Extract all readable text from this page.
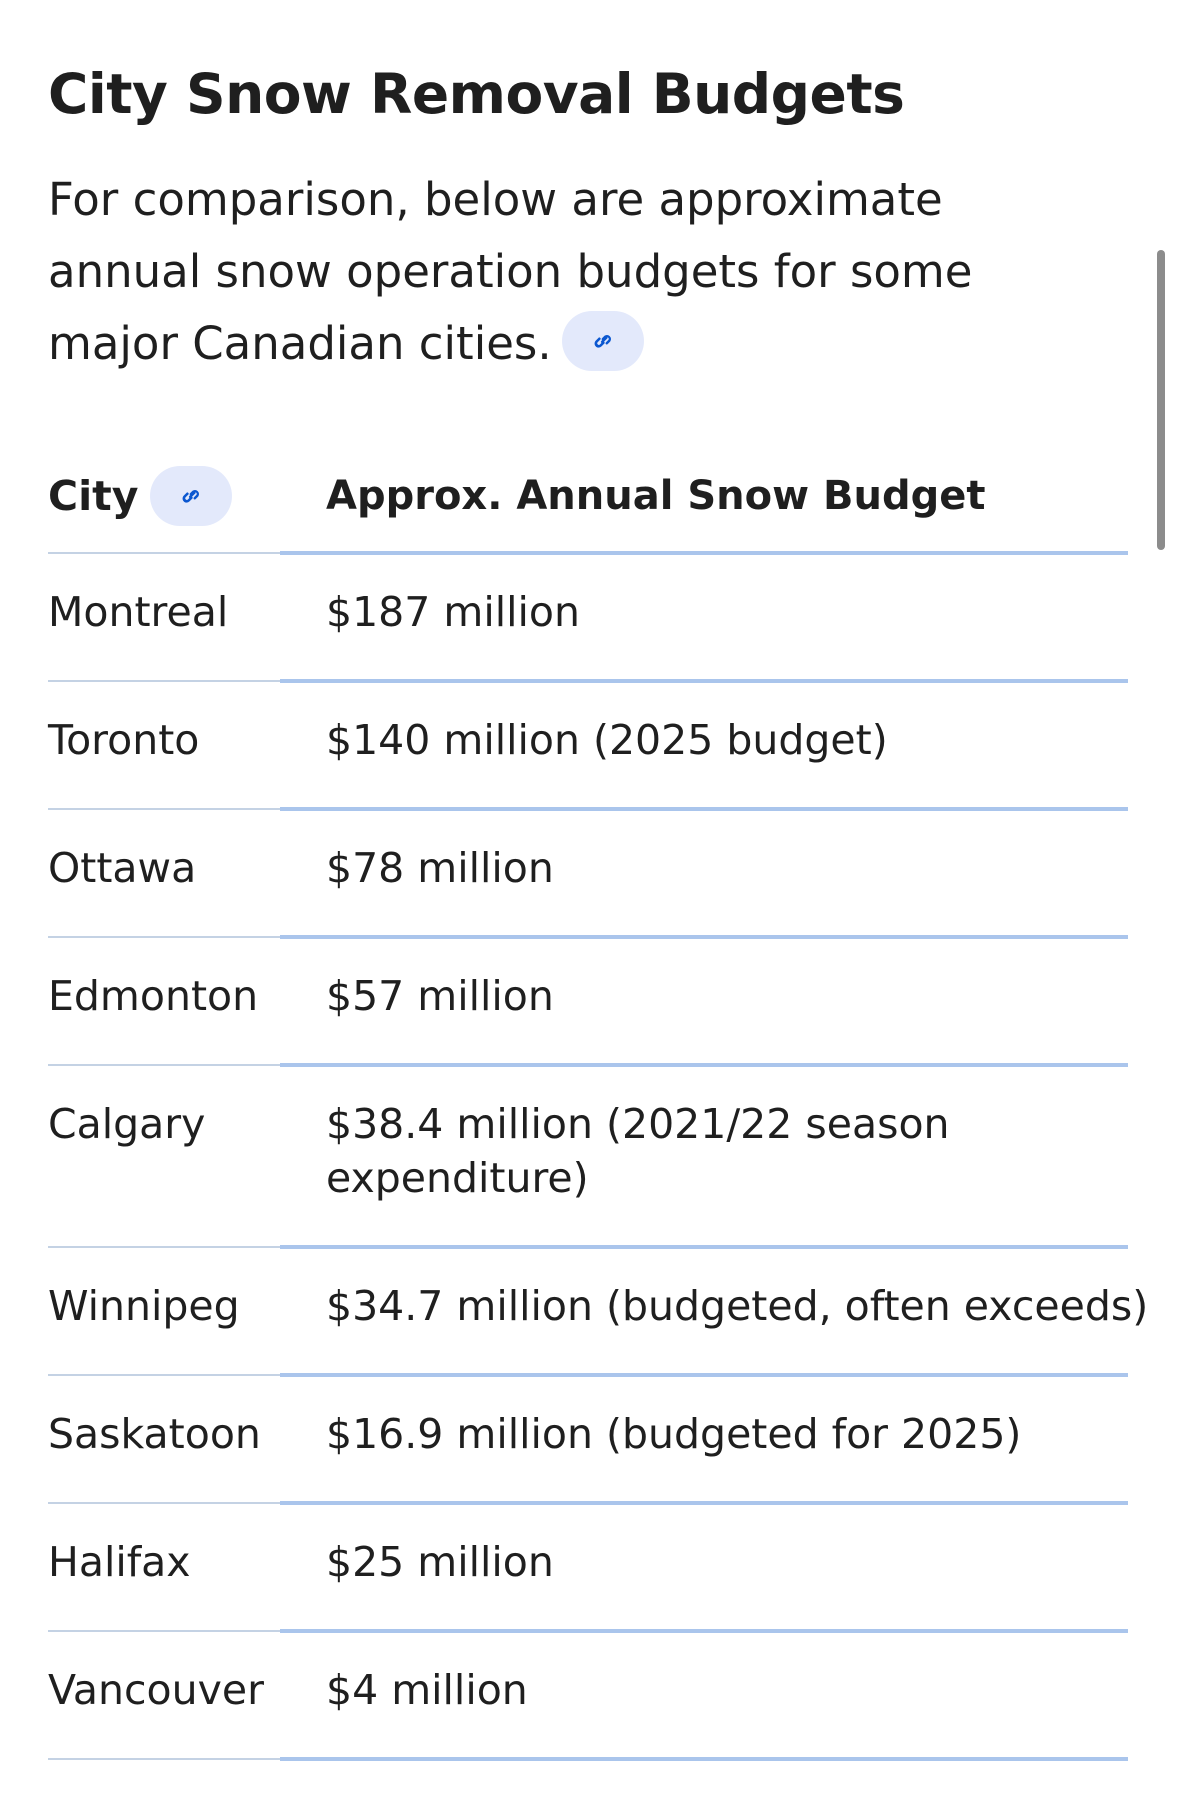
City Snow Removal Budgets
For comparison, below are approximate annual snow operation budgets for some major Canadian cities.
City	Approx. Annual Snow Budget
Montreal $187 million
Toronto	$140 million (2025 budget)
Ottawa	$78 million
Edmonton $57 million
Calgary	$38.4 million (2021/22 season expenditure)
Winnipeg $34.7 million (budgeted, often exceeds)
Saskatoon $16.9 million (budgeted for 2025)
Halifax	$25 million
Vancouver $4 million
